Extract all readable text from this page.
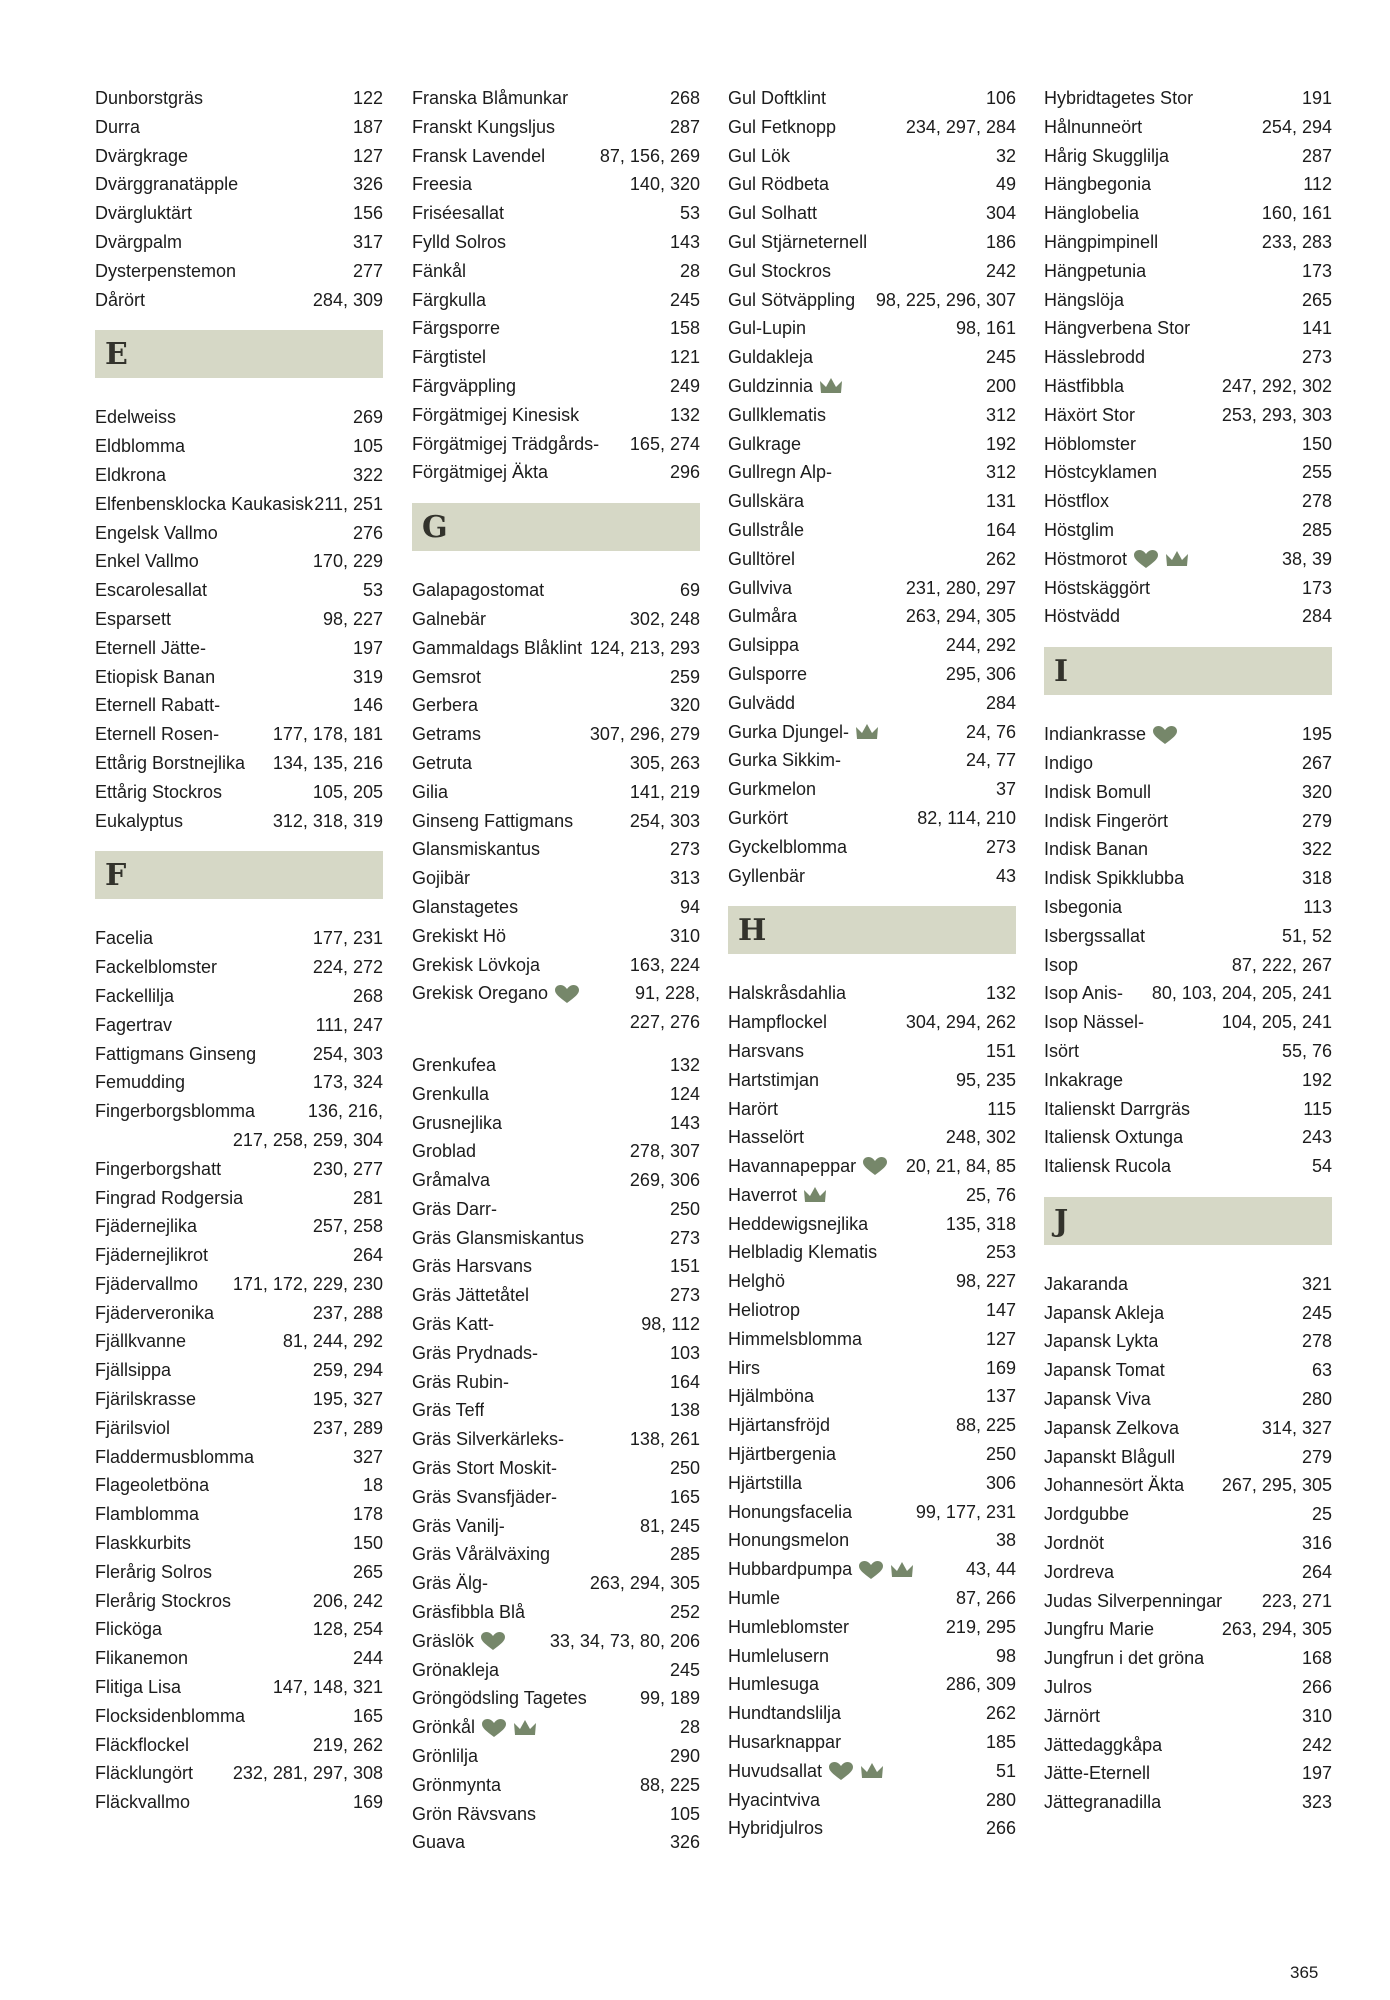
Dunborstgräs	122
Durra	187
Dvärgkrage	127
Dvärggranatäpple	326
Dvärgluktärt	156
Dvärgpalm	317
Dysterpenstemon	277
Dårört	284, 309
E
Edelweiss	269
Eldblomma	105
Eldkrona	322
Elfenbensklocka Kaukasisk 211, 251
Engelsk Vallmo	276
Enkel Vallmo	170, 229
Escarolesallat	53
Esparsett	98, 227
Eternell Jätte-	197
Etiopisk Banan	319
Eternell Rabatt-	146
Eternell Rosen-	177, 178, 181
Ettårig Borstnejlika 134, 135, 216
Ettårig Stockros	105, 205
Eukalyptus	312, 318, 319
F
Facelia	177, 231
Fackelblomster	224, 272
Fackellilja	268
Fagertrav	111, 247
Fattigmans Ginseng	254, 303
Femudding	173, 324
Fingerborgsblomma	136, 216,
217, 258, 259, 304
Fingerborgshatt	230, 277
Fingrad Rodgersia	281
Fjädernejlika	257, 258
Fjädernejlikrot	264
Fjädervallmo 171, 172, 229, 230
Fjäderveronika	237, 288
Fjällkvanne	81, 244, 292
Fjällsippa	259, 294
Fjärilskrasse	195, 327
Fjärilsviol	237, 289
Fladdermusblomma	327
Flageoletböna	18
Flamblomma	178
Flaskkurbits	150
Flerårig Solros	265
Flerårig Stockros	206, 242
Flicköga	128, 254
Flikanemon	244
Flitiga Lisa	147, 148, 321
Flocksidenblomma	165
Fläckflockel	219, 262
Fläcklungört 232, 281, 297, 308
Fläckvallmo	169
Franska Blåmunkar	268
Franskt Kungsljus	287
Fransk Lavendel	87, 156, 269
Freesia	140, 320
Friséesallat	53
Fylld Solros	143
Fänkål	28
Färgkulla	245
Färgsporre	158
Färgtistel	121
Färgväppling	249
Förgätmigej Kinesisk	132
Förgätmigej Trädgårds- 165, 274
Förgätmigej Äkta	296
G
Galapagostomat	69
Galnebär	302, 248
Gammaldags Blåklint 124, 213, 293
Gemsrot	259
Gerbera	320
Getrams	307, 296, 279
Getruta	305, 263
Gilia	141, 219
Ginseng Fattigmans	254, 303
Glansmiskantus	273
Gojibär	313
Glanstagetes	94
Grekiskt Hö	310
Grekisk Lövkoja	163, 224
Grekisk Oregano	91, 228,
227, 276
Grenkufea	132
Grenkulla	124
Grusnejlika	143
Groblad	278, 307
Gråmalva	269, 306
Gräs Darr-	250
Gräs Glansmiskantus	273
Gräs Harsvans	151
Gräs Jättetåtel	273
Gräs Katt-	98, 112
Gräs Prydnads-	103
Gräs Rubin-	164
Gräs Teff	138
Gräs Silverkärleks-	138, 261
Gräs Stort Moskit-	250
Gräs Svansfjäder-	165
Gräs Vanilj-	81, 245
Gräs Vårälväxing	285
Gräs Älg-	263, 294, 305
Gräsfibbla Blå	252
Gräslök	33, 34, 73, 80, 206
Grönakleja	245
Gröngödsling Tagetes	99, 189
Grönkål	28
Grönlilja	290
Grönmynta	88, 225
Grön Rävsvans	105
Guava	326
Gul Doftklint	106
Gul Fetknopp	234, 297, 284
Gul Lök	32
Gul Rödbeta	49
Gul Solhatt	304
Gul Stjärneternell	186
Gul Stockros	242
Gul Sötväppling 98, 225, 296, 307
Gul-Lupin	98, 161
Guldakleja	245
Guldzinnia	200
Gullklematis	312
Gulkrage	192
Gullregn Alp-	312
Gullskära	131
Gullstråle	164
Gulltörel	262
Gullviva	231, 280, 297
Gulmåra	263, 294, 305
Gulsippa	244, 292
Gulsporre	295, 306
Gulvädd	284
Gurka Djungel-	24, 76
Gurka Sikkim-	24, 77
Gurkmelon	37
Gurkört	82, 114, 210
Gyckelblomma	273
Gyllenbär	43
H
Halskråsdahlia	132
Hampflockel	304, 294, 262
Harsvans	151
Hartstimjan	95, 235
Harört	115
Hasselört	248, 302
Havannapeppar	20, 21, 84, 85
Haverrot	25, 76
Heddewigsnejlika	135, 318
Helbladig Klematis	253
Helghö	98, 227
Heliotrop	147
Himmelsblomma	127
Hirs	169
Hjälmböna	137
Hjärtansfröjd	88, 225
Hjärtbergenia	250
Hjärtstilla	306
Honungsfacelia	99, 177, 231
Honungsmelon	38
Hubbardpumpa	43, 44
Humle	87, 266
Humleblomster	219, 295
Humlelusern	98
Humlesuga	286, 309
Hundtandslilja	262
Husarknappar	185
Huvudsallat	51
Hyacintviva	280
Hybridjulros	266
Hybridtagetes Stor	191
Hålnunneört	254, 294
Hårig Skugglilja	287
Hängbegonia	112
Hänglobelia	160, 161
Hängpimpinell	233, 283
Hängpetunia	173
Hängslöja	265
Hängverbena Stor	141
Hässlebrodd	273
Hästfibbla	247, 292, 302
Häxört Stor	253, 293, 303
Höblomster	150
Höstcyklamen	255
Höstflox	278
Höstglim	285
Höstmorot	38, 39
Höstskäggört	173
Höstvädd	284
I
Indiankrasse	195
Indigo	267
Indisk Bomull	320
Indisk Fingerört	279
Indisk Banan	322
Indisk Spikklubba	318
Isbegonia	113
Isbergssallat	51, 52
Isop	87, 222, 267
Isop Anis- 80, 103, 204, 205, 241
Isop Nässel-	104, 205, 241
Isört	55, 76
Inkakrage	192
Italienskt Darrgräs	115
Italiensk Oxtunga	243
Italiensk Rucola	54
J
Jakaranda	321
Japansk Akleja	245
Japansk Lykta	278
Japansk Tomat	63
Japansk Viva	280
Japansk Zelkova	314, 327
Japanskt Blågull	279
Johannesört Äkta 267, 295, 305
Jordgubbe	25
Jordnöt	316
Jordreva	264
Judas Silverpenningar 223, 271
Jungfru Marie	263, 294, 305
Jungfrun i det gröna	168
Julros	266
Järnört	310
Jättedaggkåpa	242
Jätte-Eternell	197
Jättegranadilla	323
365
